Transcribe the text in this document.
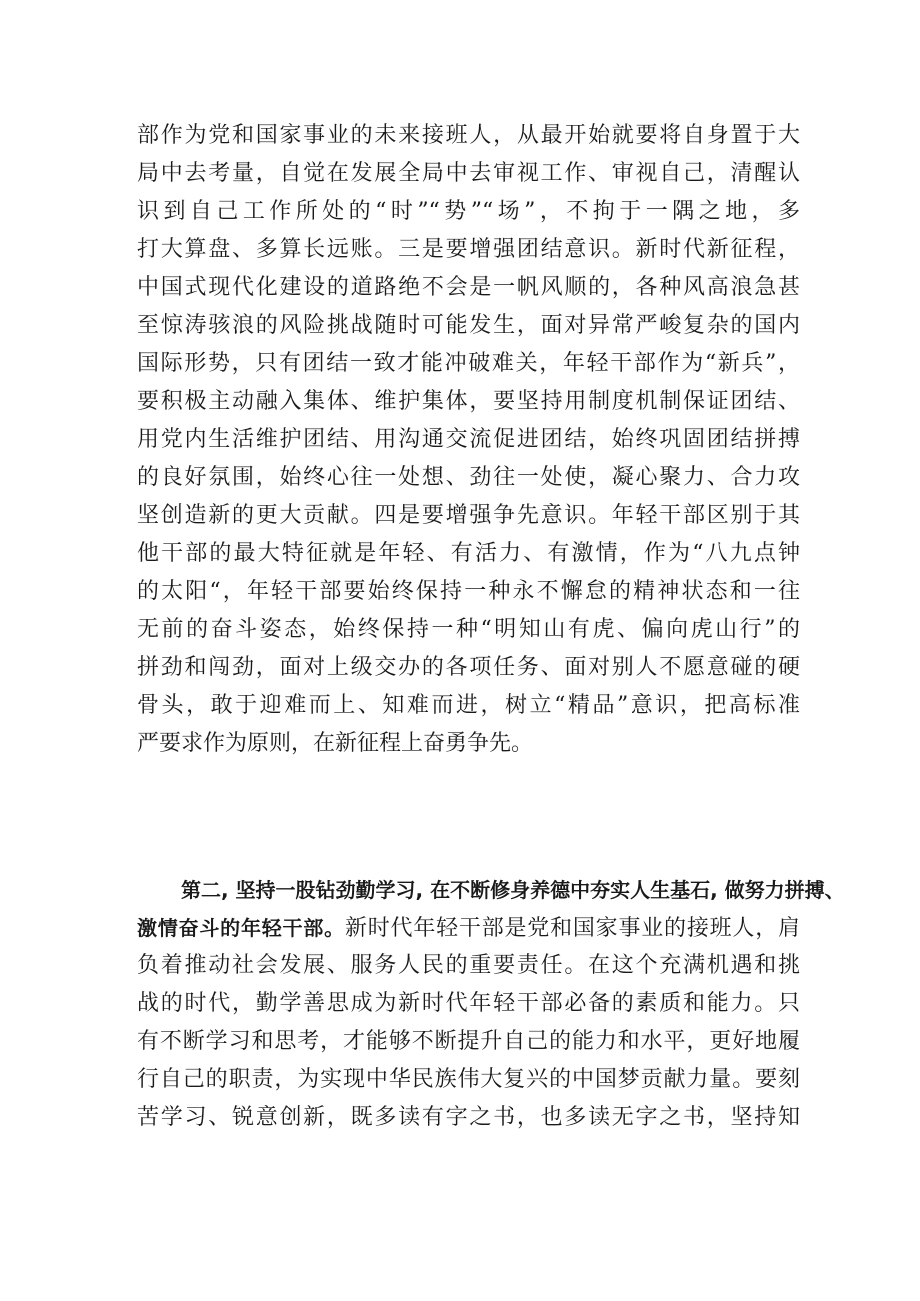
部作为党和国家事业的未来接班人，从最开始就要将自身置于大
局中去考量，自觉在发展全局中去审视工作、审视自己，清醒认
识到自己工作所处的“时”“势”“场”，不拘于一隅之地，多
打大算盘、多算长远账。三是要增强团结意识。新时代新征程，
中国式现代化建设的道路绝不会是一帆风顺的，各种风高浪急甚
至惊涛骇浪的风险挑战随时可能发生，面对异常严峻复杂的国内
国际形势，只有团结一致才能冲破难关，年轻干部作为“新兵”，
要积极主动融入集体、维护集体，要坚持用制度机制保证团结、
用党内生活维护团结、用沟通交流促进团结，始终巩固团结拼搏
的良好氛围，始终心往一处想、劲往一处使，凝心聚力、合力攻
坚创造新的更大贡献。四是要增强争先意识。年轻干部区别于其
他干部的最大特征就是年轻、有活力、有激情，作为“八九点钟
的太阳“，年轻干部要始终保持一种永不懈怠的精神状态和一往
无前的奋斗姿态，始终保持一种“明知山有虎、偏向虎山行”的
拼劲和闯劲，面对上级交办的各项任务、面对别人不愿意碰的硬
骨头，敢于迎难而上、知难而进，树立“精品”意识，把高标准
严要求作为原则，在新征程上奋勇争先。
第二, 坚持一股钻劲勤学习, 在不断修身养德中夯实人生基石, 做努力拼搏、
激情奋斗的年轻干部。新时代年轻干部是党和国家事业的接班人，肩
负着推动社会发展、服务人民的重要责任。在这个充满机遇和挑
战的时代，勤学善思成为新时代年轻干部必备的素质和能力。只
有不断学习和思考，才能够不断提升自己的能力和水平，更好地履
行自己的职责，为实现中华民族伟大复兴的中国梦贡献力量。要刻
苦学习、锐意创新，既多读有字之书，也多读无字之书，坚持知
